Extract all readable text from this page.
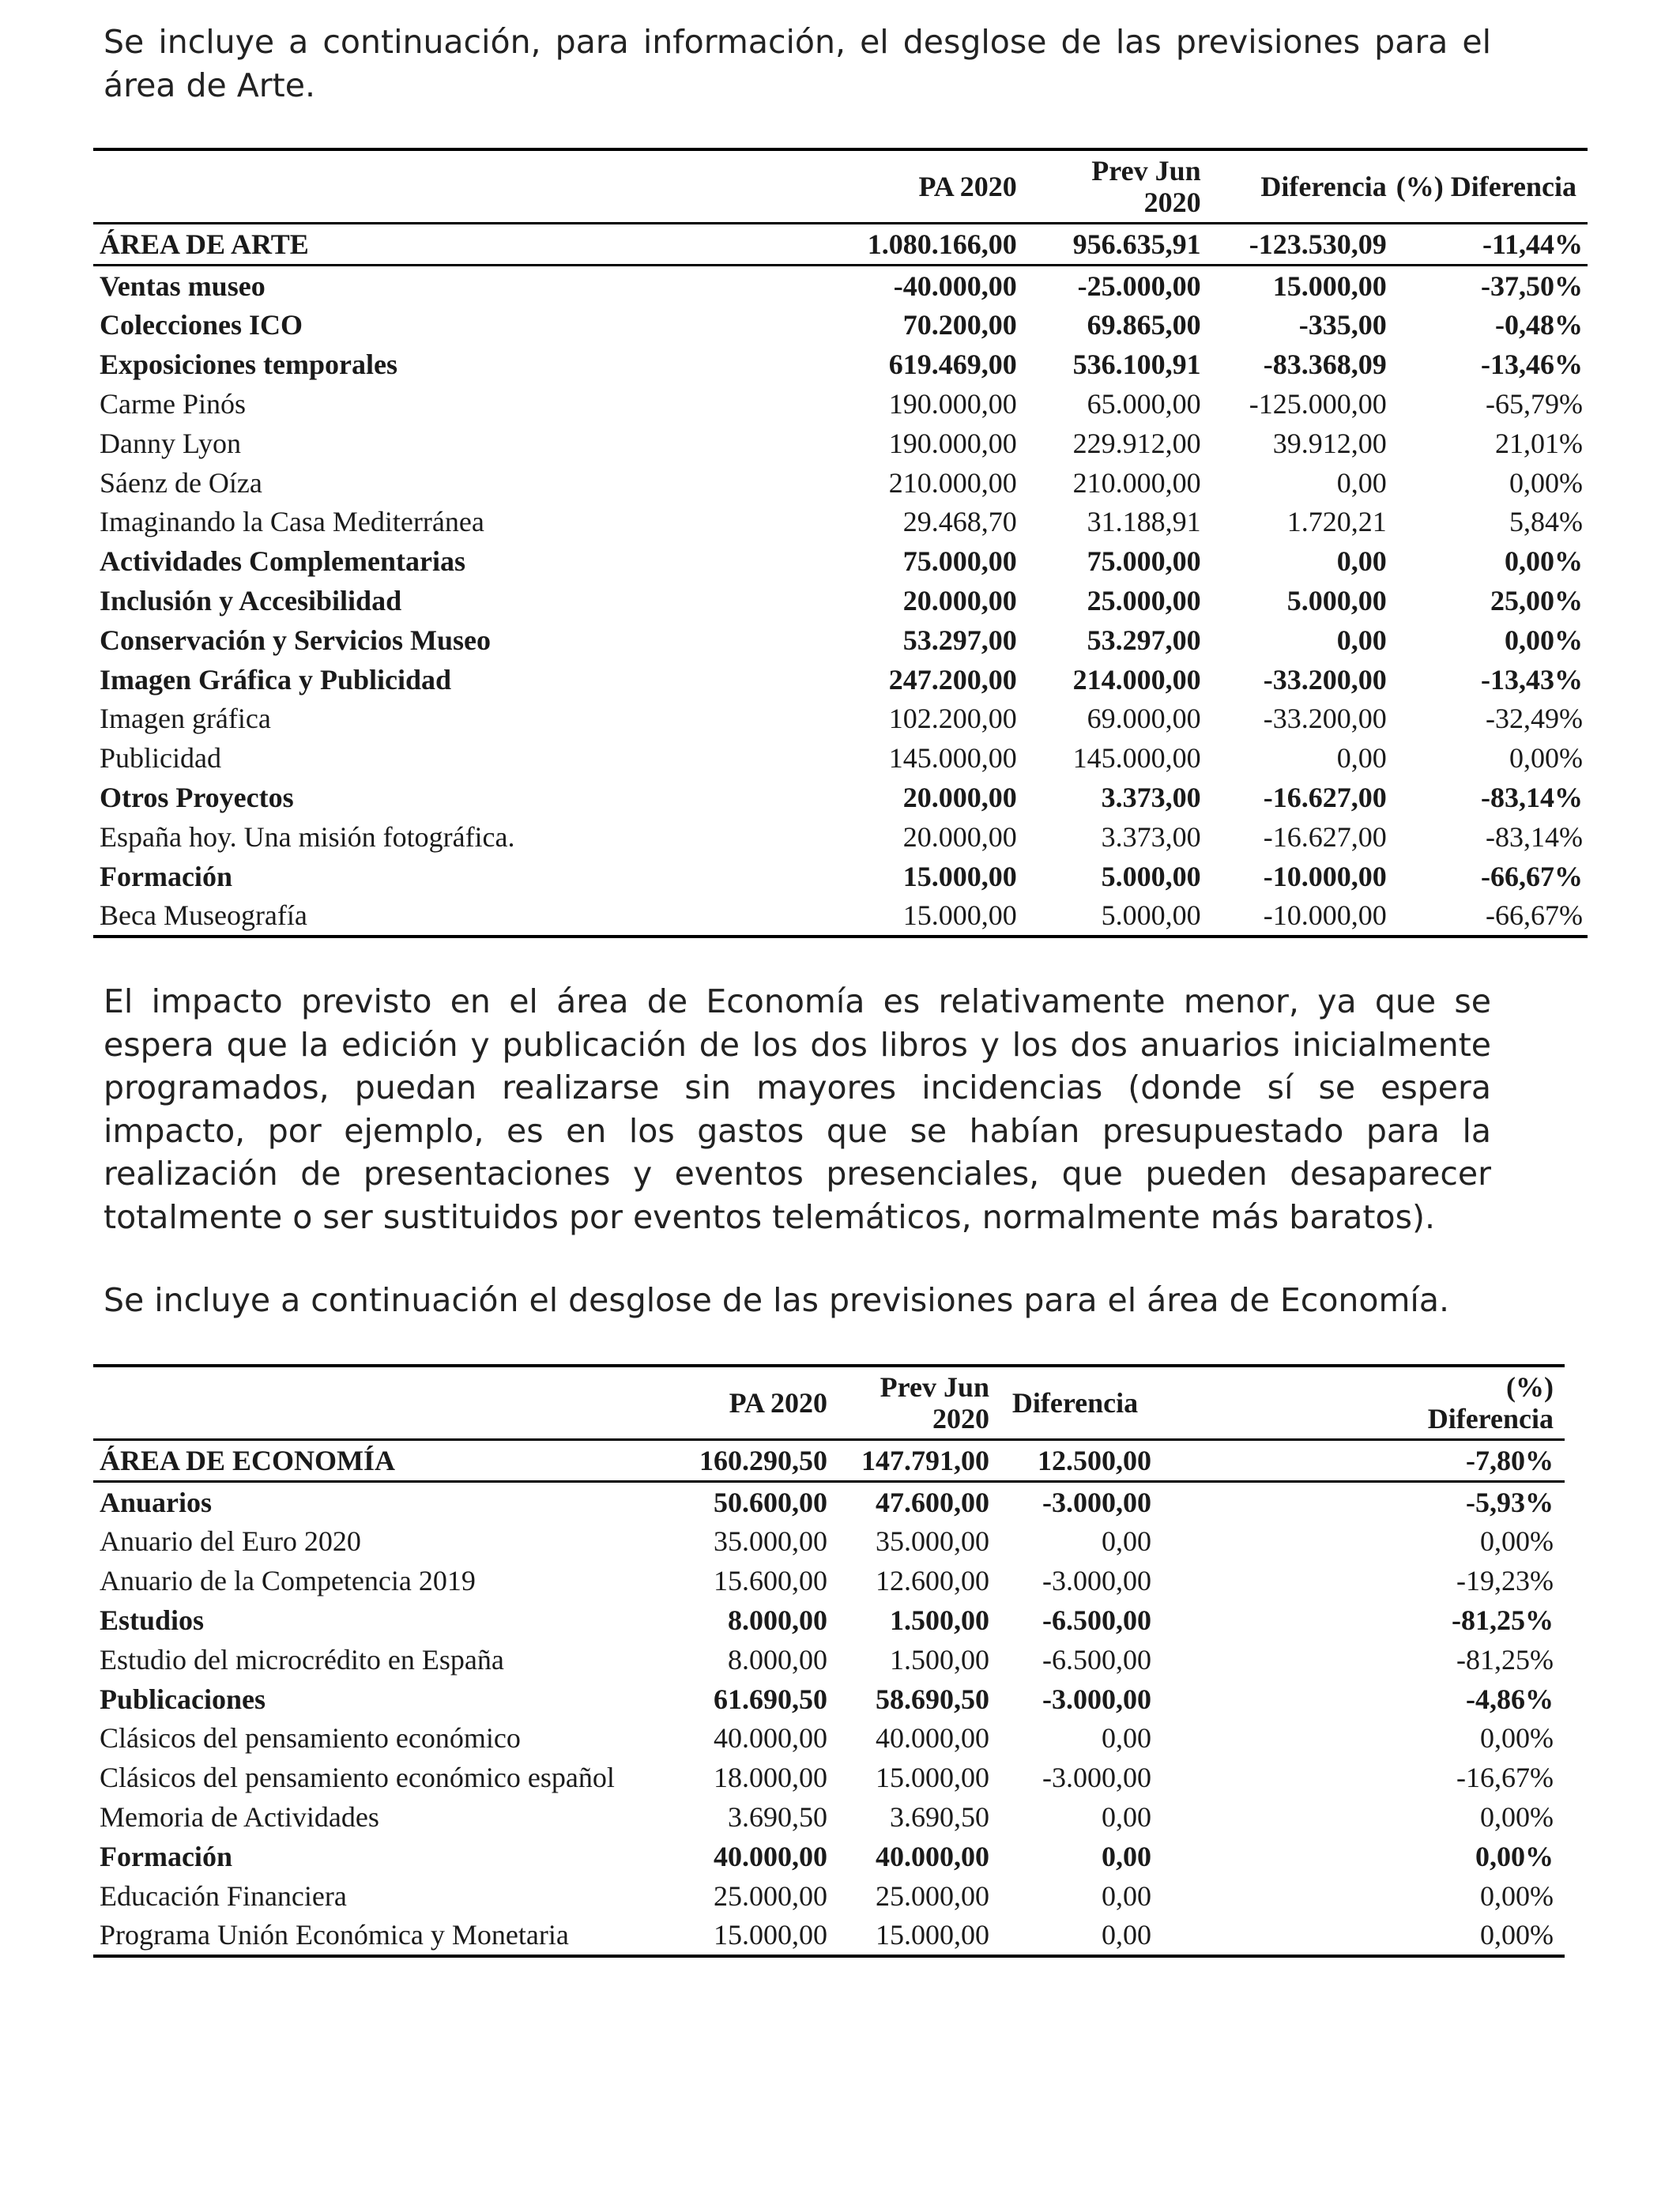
Se incluye a continuación, para información, el desglose de las previsiones para el área de Arte.

	PA 2020	Prev Jun 2020	Diferencia	(%) Diferencia
ÁREA DE ARTE	1.080.166,00	956.635,91	-123.530,09	-11,44%
Ventas museo	-40.000,00	-25.000,00	15.000,00	-37,50%
Colecciones ICO	70.200,00	69.865,00	-335,00	-0,48%
Exposiciones temporales	619.469,00	536.100,91	-83.368,09	-13,46%
Carme Pinós	190.000,00	65.000,00	-125.000,00	-65,79%
Danny Lyon	190.000,00	229.912,00	39.912,00	21,01%
Sáenz de Oíza	210.000,00	210.000,00	0,00	0,00%
Imaginando la Casa Mediterránea	29.468,70	31.188,91	1.720,21	5,84%
Actividades Complementarias	75.000,00	75.000,00	0,00	0,00%
Inclusión y Accesibilidad	20.000,00	25.000,00	5.000,00	25,00%
Conservación y Servicios Museo	53.297,00	53.297,00	0,00	0,00%
Imagen Gráfica y Publicidad	247.200,00	214.000,00	-33.200,00	-13,43%
Imagen gráfica	102.200,00	69.000,00	-33.200,00	-32,49%
Publicidad	145.000,00	145.000,00	0,00	0,00%
Otros Proyectos	20.000,00	3.373,00	-16.627,00	-83,14%
España hoy. Una misión fotográfica.	20.000,00	3.373,00	-16.627,00	-83,14%
Formación	15.000,00	5.000,00	-10.000,00	-66,67%
Beca Museografía	15.000,00	5.000,00	-10.000,00	-66,67%

El impacto previsto en el área de Economía es relativamente menor, ya que se espera que la edición y publicación de los dos libros y los dos anuarios inicialmente programados, puedan realizarse sin mayores incidencias (donde sí se espera impacto, por ejemplo, es en los gastos que se habían presupuestado para la realización de presentaciones y eventos presenciales, que pueden desaparecer totalmente o ser sustituidos por eventos telemáticos, normalmente más baratos).

Se incluye a continuación el desglose de las previsiones para el área de Economía.

	PA 2020	Prev Jun 2020	Diferencia	(%) Diferencia
ÁREA DE ECONOMÍA	160.290,50	147.791,00	12.500,00	-7,80%
Anuarios	50.600,00	47.600,00	-3.000,00	-5,93%
Anuario del Euro 2020	35.000,00	35.000,00	0,00	0,00%
Anuario de la Competencia 2019	15.600,00	12.600,00	-3.000,00	-19,23%
Estudios	8.000,00	1.500,00	-6.500,00	-81,25%
Estudio del microcrédito en España	8.000,00	1.500,00	-6.500,00	-81,25%
Publicaciones	61.690,50	58.690,50	-3.000,00	-4,86%
Clásicos del pensamiento económico	40.000,00	40.000,00	0,00	0,00%
Clásicos del pensamiento económico español	18.000,00	15.000,00	-3.000,00	-16,67%
Memoria de Actividades	3.690,50	3.690,50	0,00	0,00%
Formación	40.000,00	40.000,00	0,00	0,00%
Educación Financiera	25.000,00	25.000,00	0,00	0,00%
Programa Unión Económica y Monetaria	15.000,00	15.000,00	0,00	0,00%
